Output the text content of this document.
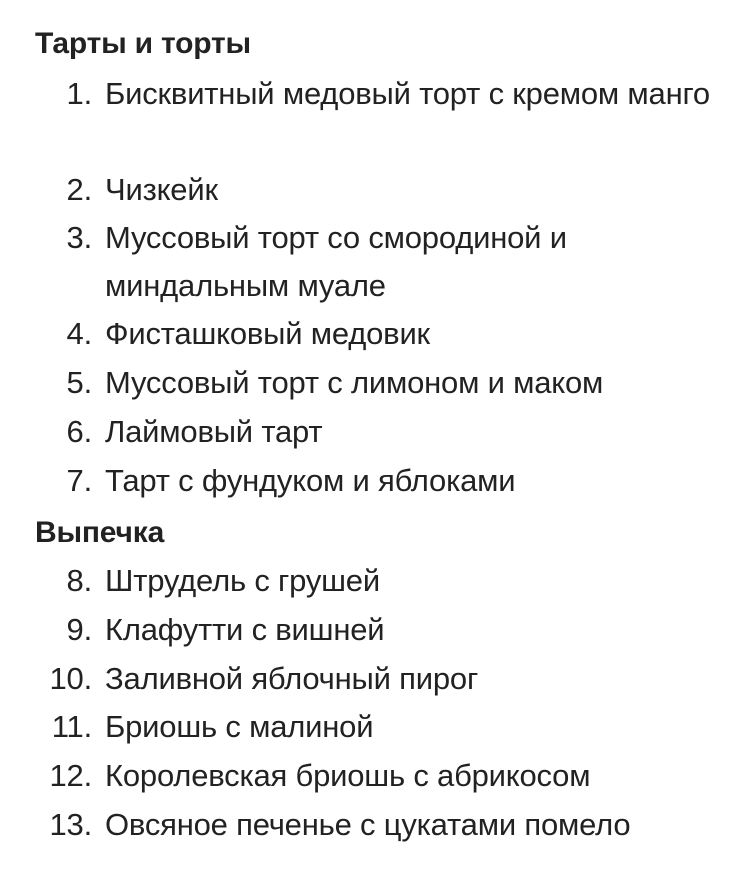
Тарты и торты
1. Бисквитный медовый торт с кремом манго
2. Чизкейк
3. Муссовый торт со смородиной и миндальным муале
4. Фисташковый медовик
5. Муссовый торт с лимоном и маком
6. Лаймовый тарт
7. Тарт с фундуком и яблоками
Выпечка
8. Штрудель с грушей
9. Клафутти с вишней
10. Заливной яблочный пирог
11. Бриошь с малиной
12. Королевская бриошь с абрикосом
13. Овсяное печенье с цукатами помело
